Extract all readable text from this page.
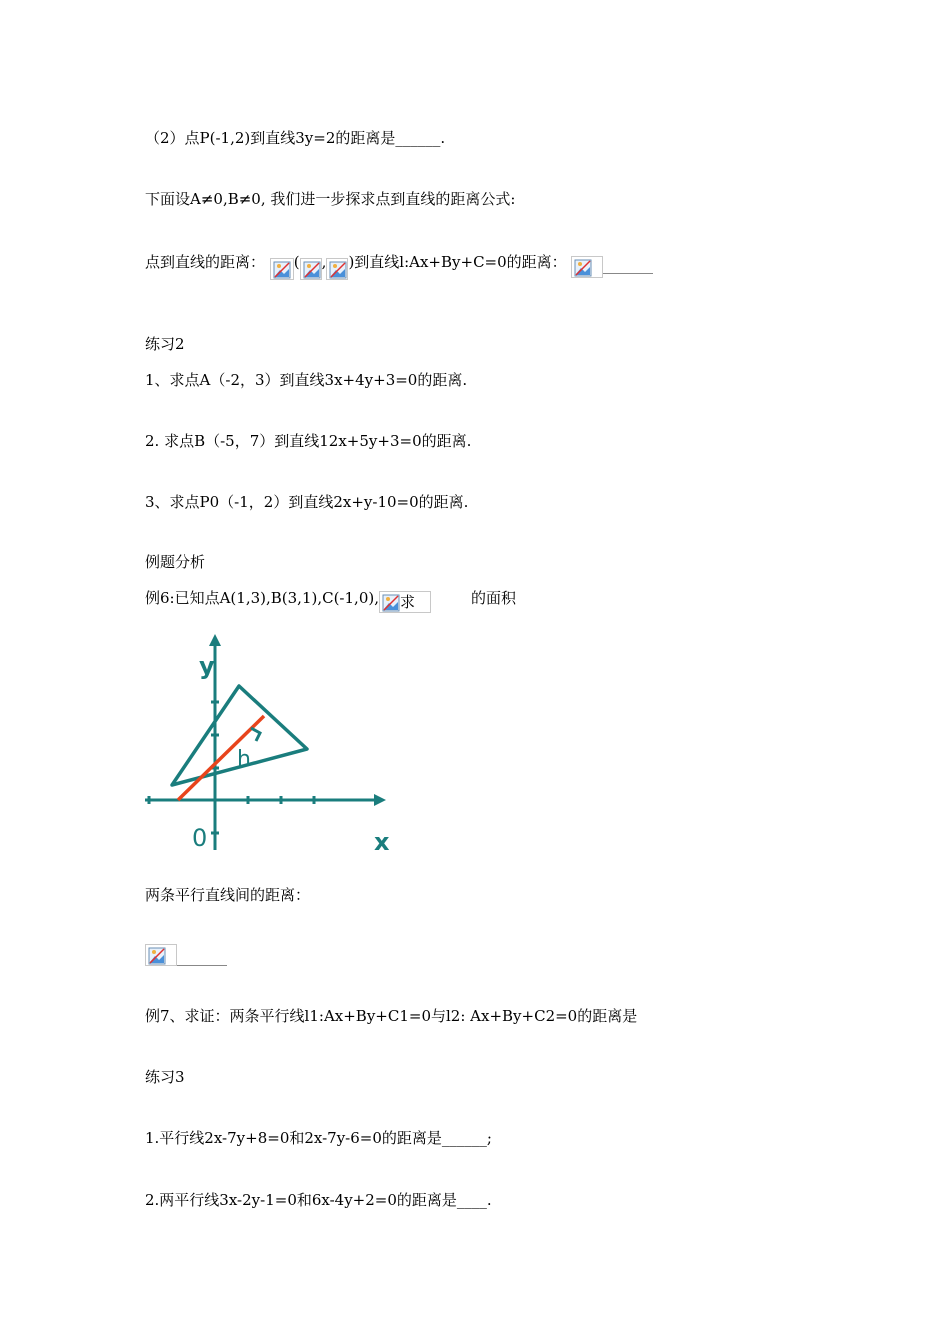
（2）点P(-1,2)到直线3y=2的距离是______.
下面设A≠0,B≠0, 我们进一步探求点到直线的距离公式:
点到直线的距离： ( , )到直线l:Ax+By+C=0的距离：
练习2
1、求点A（-2，3）到直线3x+4y+3=0的距离.
2. 求点B（-5，7）到直线12x+5y+3=0的距离.
3、求点P0（-1，2）到直线2x+y-10=0的距离.
例题分析
例6:已知点A(1,3),B(3,1),C(-1,0), 求	的面积
y
x
0
h
两条平行直线间的距离：
例7、求证：两条平行线l1:Ax+By+C1=0与l2: Ax+By+C2=0的距离是
练习3
1.平行线2x-7y+8=0和2x-7y-6=0的距离是______;
2.两平行线3x-2y-1=0和6x-4y+2=0的距离是____.
